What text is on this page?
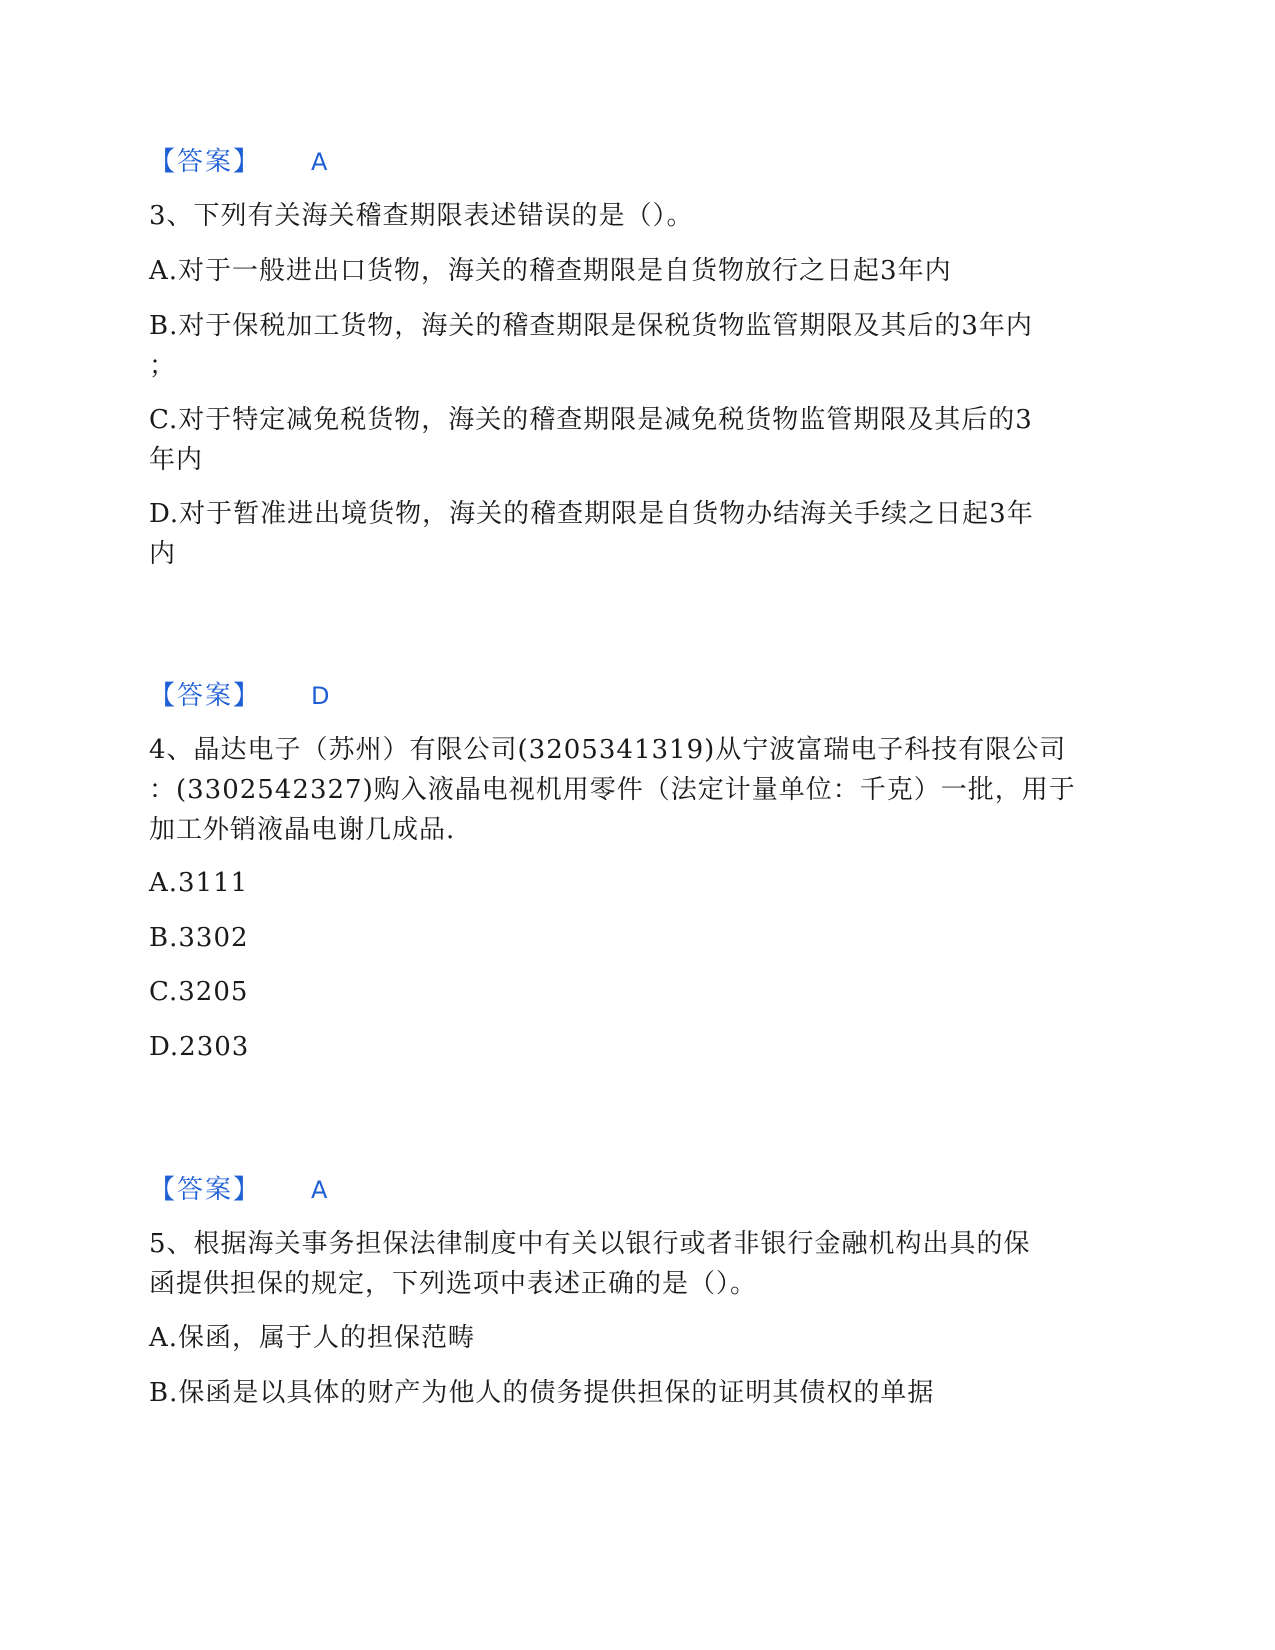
【答案】 A
3、下列有关海关稽查期限表述错误的是（）。
A.对于一般进出口货物，海关的稽查期限是自货物放行之日起3年内
B.对于保税加工货物，海关的稽查期限是保税货物监管期限及其后的3年内
；
C.对于特定减免税货物，海关的稽查期限是减免税货物监管期限及其后的3
年内
D.对于暂准进出境货物，海关的稽查期限是自货物办结海关手续之日起3年
内
【答案】 D
4、晶达电子（苏州）有限公司(3205341319)从宁波富瑞电子科技有限公司
：(3302542327)购入液晶电视机用零件（法定计量单位：千克）一批，用于
加工外销液晶电谢几成品.
A.3111
B.3302
C.3205
D.2303
【答案】 A
5、根据海关事务担保法律制度中有关以银行或者非银行金融机构出具的保
函提供担保的规定，下列选项中表述正确的是（）。
A.保函，属于人的担保范畴
B.保函是以具体的财产为他人的债务提供担保的证明其债权的单据
